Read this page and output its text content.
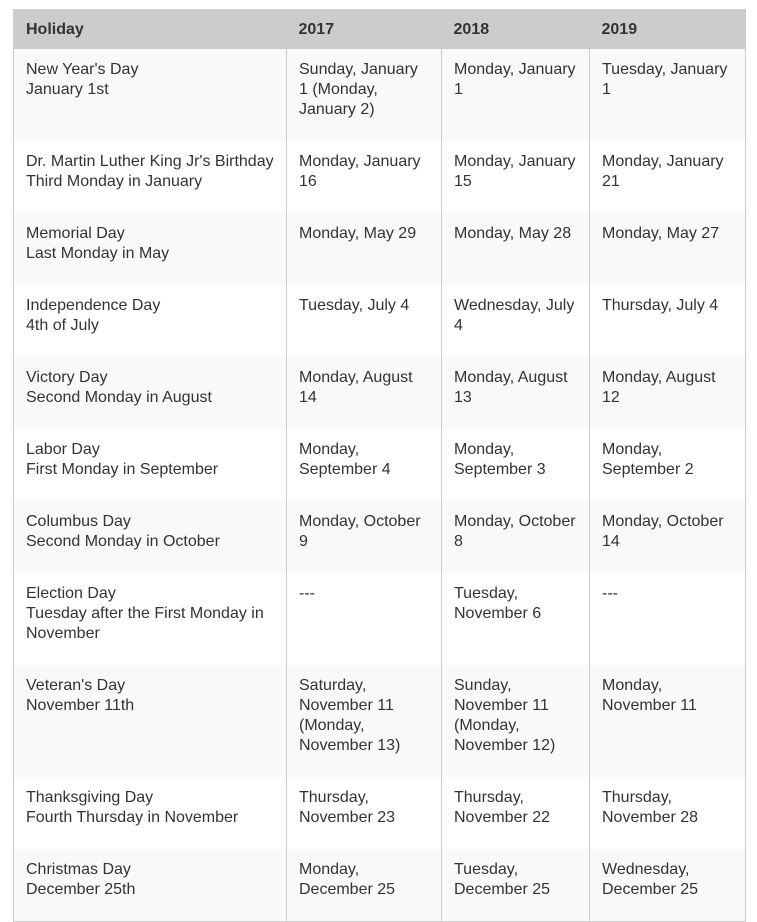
Holiday	2017	2018	2019

New Year's Day
January 1st	Sunday, January 1 (Monday, January 2)	Monday, January 1	Tuesday, January 1

Dr. Martin Luther King Jr's Birthday
Third Monday in January	Monday, January 16	Monday, January 15	Monday, January 21

Memorial Day
Last Monday in May	Monday, May 29	Monday, May 28	Monday, May 27

Independence Day
4th of July	Tuesday, July 4	Wednesday, July 4	Thursday, July 4

Victory Day
Second Monday in August	Monday, August 14	Monday, August 13	Monday, August 12

Labor Day
First Monday in September	Monday, September 4	Monday, September 3	Monday, September 2

Columbus Day
Second Monday in October	Monday, October 9	Monday, October 8	Monday, October 14

Election Day
Tuesday after the First Monday in November	---	Tuesday, November 6	---

Veteran's Day
November 11th	Saturday, November 11 (Monday, November 13)	Sunday, November 11 (Monday, November 12)	Monday, November 11

Thanksgiving Day
Fourth Thursday in November	Thursday, November 23	Thursday, November 22	Thursday, November 28

Christmas Day
December 25th	Monday, December 25	Tuesday, December 25	Wednesday, December 25
